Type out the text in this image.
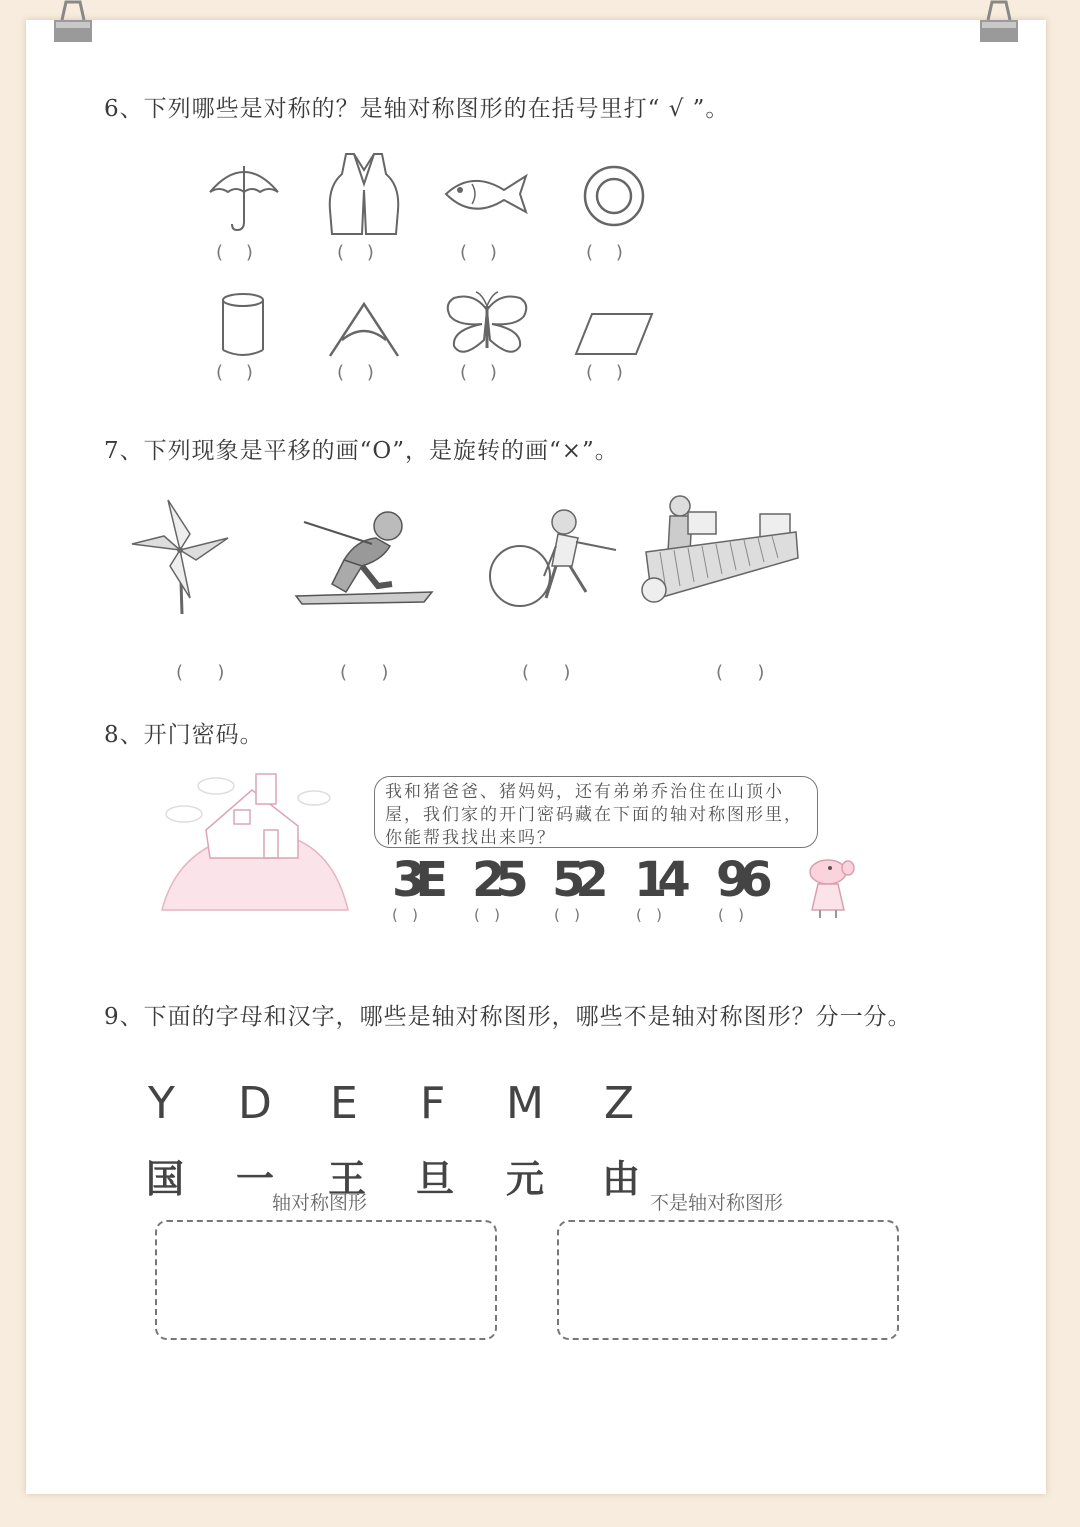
6、下列哪些是对称的？是轴对称图形的在括号里打“ √ ”。
(    )	(    )	(    )	(    )
(    )	(    )	(    )	(    )
7、下列现象是平移的画“O”，是旋转的画“×”。
(      )	(      )	(      )	(      )
8、开门密码。
我和猪爸爸、猪妈妈，还有弟弟乔治住在山顶小屋，我们家的开门密码藏在下面的轴对称图形里，你能帮我找出来吗？
3E 25 52 14 96
(   )	(   )	(   )	(   )	(   )
9、下面的字母和汉字，哪些是轴对称图形，哪些不是轴对称图形？分一分。
Y D E F M Z
国 一 王 旦 元 由
轴对称图形	不是轴对称图形
